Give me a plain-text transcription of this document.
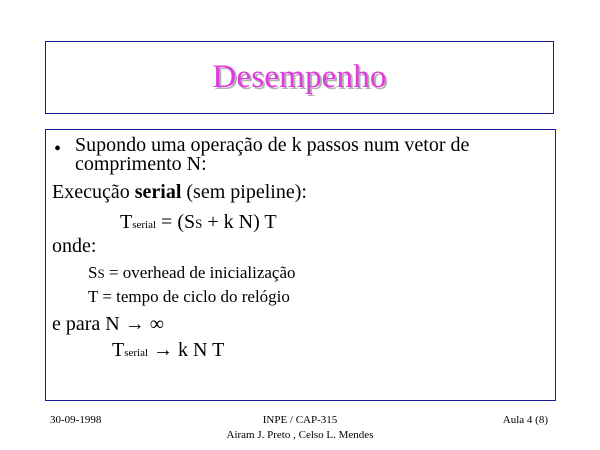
Desempenho
• Supondo uma operação de k passos num vetor de
comprimento N:
Execução serial (sem pipeline):
Tserial = (SS + k N) T
onde:
SS = overhead de inicialização
T = tempo de ciclo do relógio
e para N → ∞
Tserial → k N T
30-09-1998	INPE / CAP-315
Airam J. Preto , Celso L. Mendes
Aula 4 (8)
